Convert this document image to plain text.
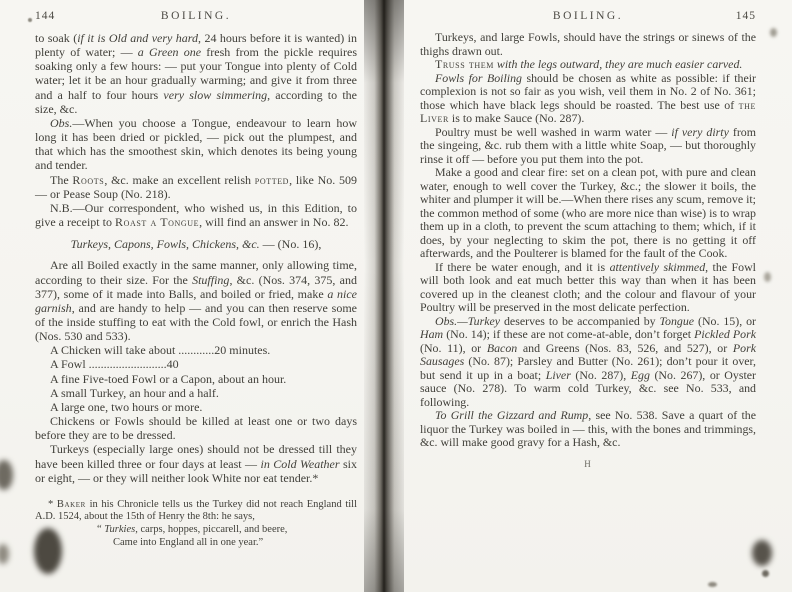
144	BOILING.

to soak (if it is Old and very hard, 24 hours before it is wanted) in plenty of water; — a Green one fresh from the pickle requires soaking only a few hours: — put your Tongue into plenty of Cold water; let it be an hour gradually warming; and give it from three and a half to four hours very slow simmering, according to the size, &c.

Obs.—When you choose a Tongue, endeavour to learn how long it has been dried or pickled, — pick out the plumpest, and that which has the smoothest skin, which denotes its being young and tender.

The Roots, &c. make an excellent relish potted, like No. 509 — or Pease Soup (No. 218).

N.B.—Our correspondent, who wished us, in this Edition, to give a receipt to Roast a Tongue, will find an answer in No. 82.

Turkeys, Capons, Fowls, Chickens, &c. — (No. 16),

Are all Boiled exactly in the same manner, only allowing time, according to their size. For the Stuffing, &c. (Nos. 374, 375, and 377), some of it made into Balls, and boiled or fried, make a nice garnish, and are handy to help — and you can then reserve some of the inside stuffing to eat with the Cold fowl, or enrich the Hash (Nos. 530 and 533).

A Chicken will take about ............20 minutes.

A Fowl ..........................40

A fine Five-toed Fowl or a Capon, about an hour.

A small Turkey, an hour and a half.

A large one, two hours or more.

Chickens or Fowls should be killed at least one or two days before they are to be dressed.

Turkeys (especially large ones) should not be dressed till they have been killed three or four days at least — in Cold Weather six or eight, — or they will neither look White nor eat tender.*

* Baker in his Chronicle tells us the Turkey did not reach England till A.D. 1524, about the 15th of Henry the 8th: he says,

“ Turkies, carps, hoppes, piccarell, and beere,

Came into England all in one year.”

BOILING.	145

Turkeys, and large Fowls, should have the strings or sinews of the thighs drawn out.

Truss them with the legs outward, they are much easier carved.

Fowls for Boiling should be chosen as white as possible: if their complexion is not so fair as you wish, veil them in No. 2 of No. 361; those which have black legs should be roasted. The best use of the Liver is to make Sauce (No. 287).

Poultry must be well washed in warm water — if very dirty from the singeing, &c. rub them with a little white Soap, — but thoroughly rinse it off — before you put them into the pot.

Make a good and clear fire: set on a clean pot, with pure and clean water, enough to well cover the Turkey, &c.; the slower it boils, the whiter and plumper it will be.—When there rises any scum, remove it; the common method of some (who are more nice than wise) is to wrap them up in a cloth, to prevent the scum attaching to them; which, if it does, by your neglecting to skim the pot, there is no getting it off afterwards, and the Poulterer is blamed for the fault of the Cook.

If there be water enough, and it is attentively skimmed, the Fowl will both look and eat much better this way than when it has been covered up in the cleanest cloth; and the colour and flavour of your Poultry will be preserved in the most delicate perfection.

Obs.—Turkey deserves to be accompanied by Tongue (No. 15), or Ham (No. 14); if these are not come-at-able, don’t forget Pickled Pork (No. 11), or Bacon and Greens (Nos. 83, 526, and 527), or Pork Sausages (No. 87); Parsley and Butter (No. 261); don’t pour it over, but send it up in a boat; Liver (No. 287), Egg (No. 267), or Oyster sauce (No. 278). To warm cold Turkey, &c. see No. 533, and following.

To Grill the Gizzard and Rump, see No. 538. Save a quart of the liquor the Turkey was boiled in — this, with the bones and trimmings, &c. will make good gravy for a Hash, &c.

H
